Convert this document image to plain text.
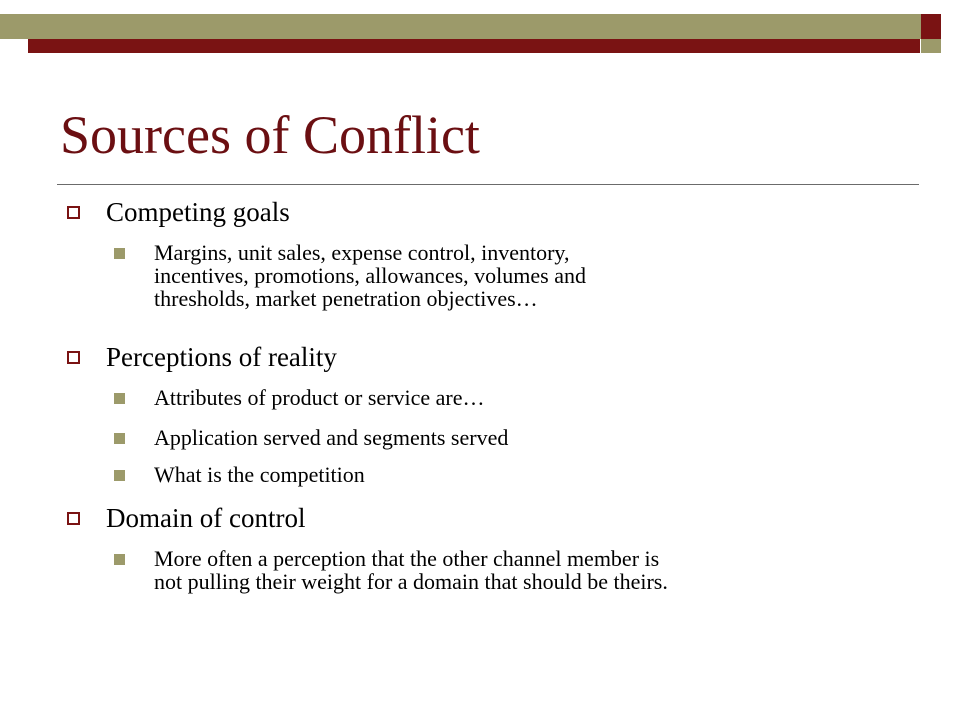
Sources of Conflict
Competing goals
Margins, unit sales, expense control, inventory,
incentives, promotions, allowances, volumes and
thresholds, market penetration objectives…
Perceptions of reality
Attributes of product or service are…
Application served and segments served
What is the competition
Domain of control
More often a perception that the other channel member is
not pulling their weight for a domain that should be theirs.
